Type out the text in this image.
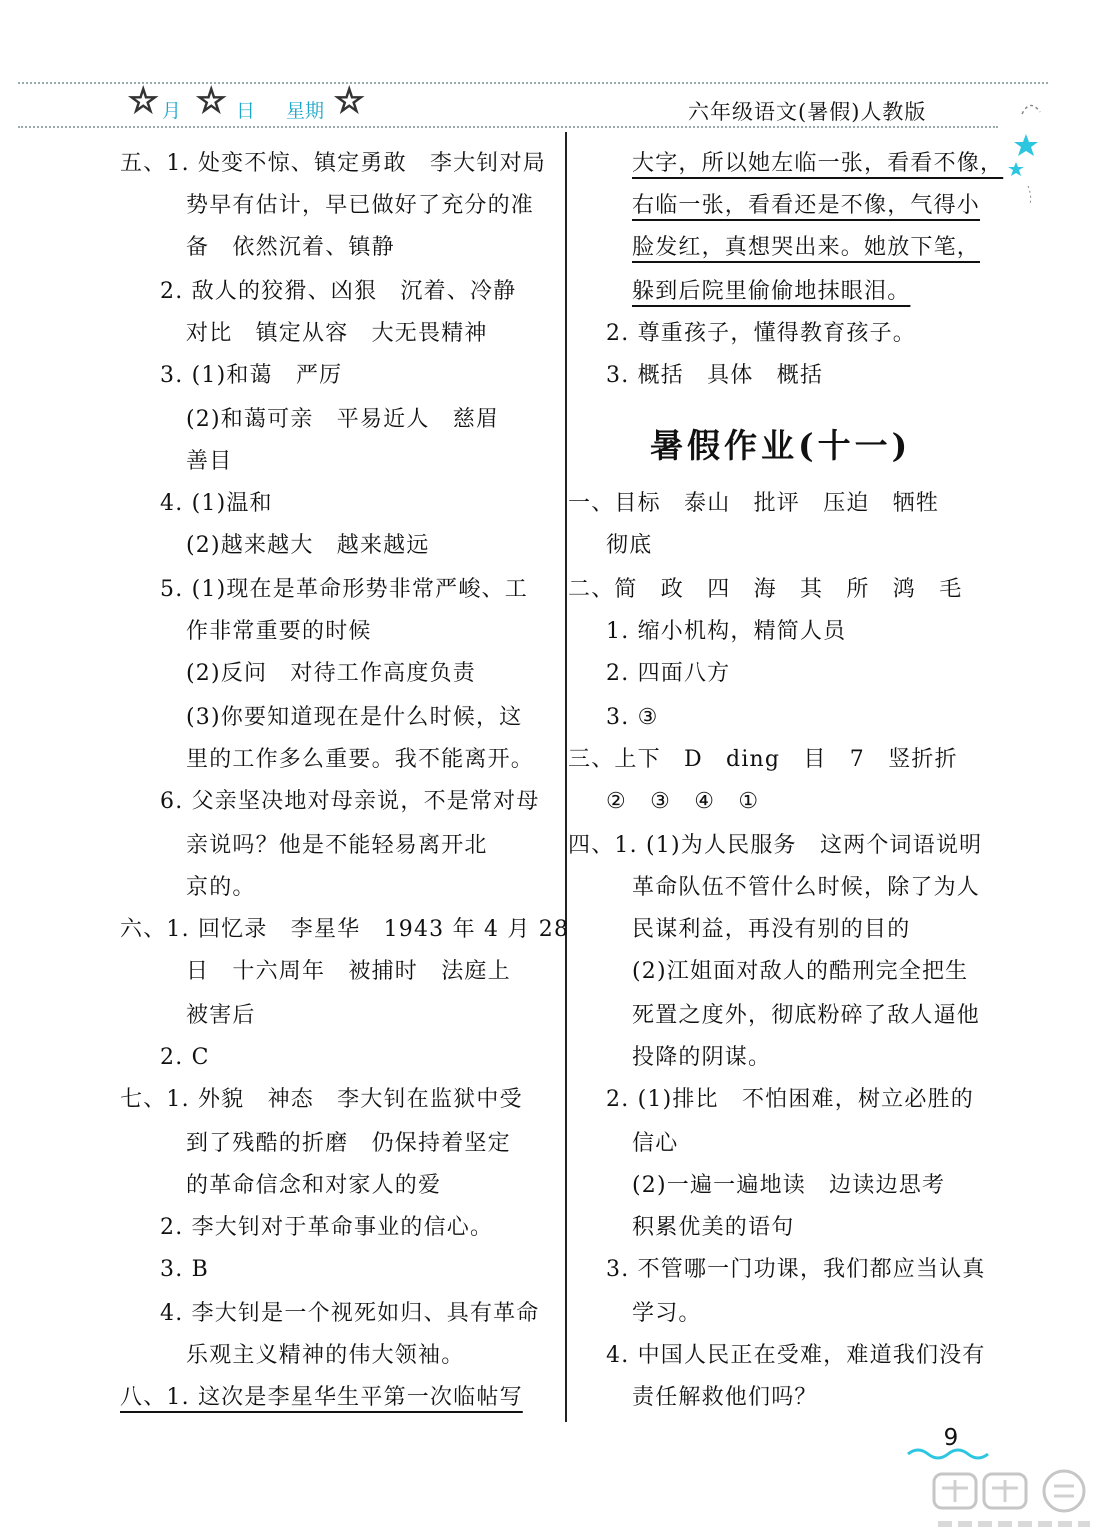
☆ 月 ☆ 日 星期 ☆	六年级语文(暑假)人教版
五、1. 处变不惊、镇定勇敢　李大钊对局
势早有估计，早已做好了充分的准
备　依然沉着、镇静
2. 敌人的狡猾、凶狠　沉着、冷静
对比　镇定从容　大无畏精神
3. (1)和蔼　严厉
(2)和蔼可亲　平易近人　慈眉
善目
4. (1)温和
(2)越来越大　越来越远
5. (1)现在是革命形势非常严峻、工
作非常重要的时候
(2)反问　对待工作高度负责
(3)你要知道现在是什么时候，这
里的工作多么重要。我不能离开。
6. 父亲坚决地对母亲说，不是常对母
亲说吗？他是不能轻易离开北
京的。
六、1. 回忆录　李星华　1943 年 4 月 28
日　十六周年　被捕时　法庭上
被害后
2. C
七、1. 外貌　神态　李大钊在监狱中受
到了残酷的折磨　仍保持着坚定
的革命信念和对家人的爱
2. 李大钊对于革命事业的信心。
3. B
4. 李大钊是一个视死如归、具有革命
乐观主义精神的伟大领袖。
八、1. 这次是李星华生平第一次临帖写
大字，所以她左临一张，看看不像，
右临一张，看看还是不像，气得小
脸发红，真想哭出来。她放下笔，
躲到后院里偷偷地抹眼泪。
2. 尊重孩子，懂得教育孩子。
3. 概括　具体　概括
暑假作业(十一)
一、目标　泰山　批评　压迫　牺牲
彻底
二、简　政　四　海　其　所　鸿　毛
1. 缩小机构，精简人员
2. 四面八方
3. ③
三、上下　D　ding　目　7　竖折折
②　③　④　①
四、1. (1)为人民服务　这两个词语说明
革命队伍不管什么时候，除了为人
民谋利益，再没有别的目的
(2)江姐面对敌人的酷刑完全把生
死置之度外，彻底粉碎了敌人逼他
投降的阴谋。
2. (1)排比　不怕困难，树立必胜的
信心
(2)一遍一遍地读　边读边思考
积累优美的语句
3. 不管哪一门功课，我们都应当认真
学习。
4. 中国人民正在受难，难道我们没有
责任解救他们吗？
9
